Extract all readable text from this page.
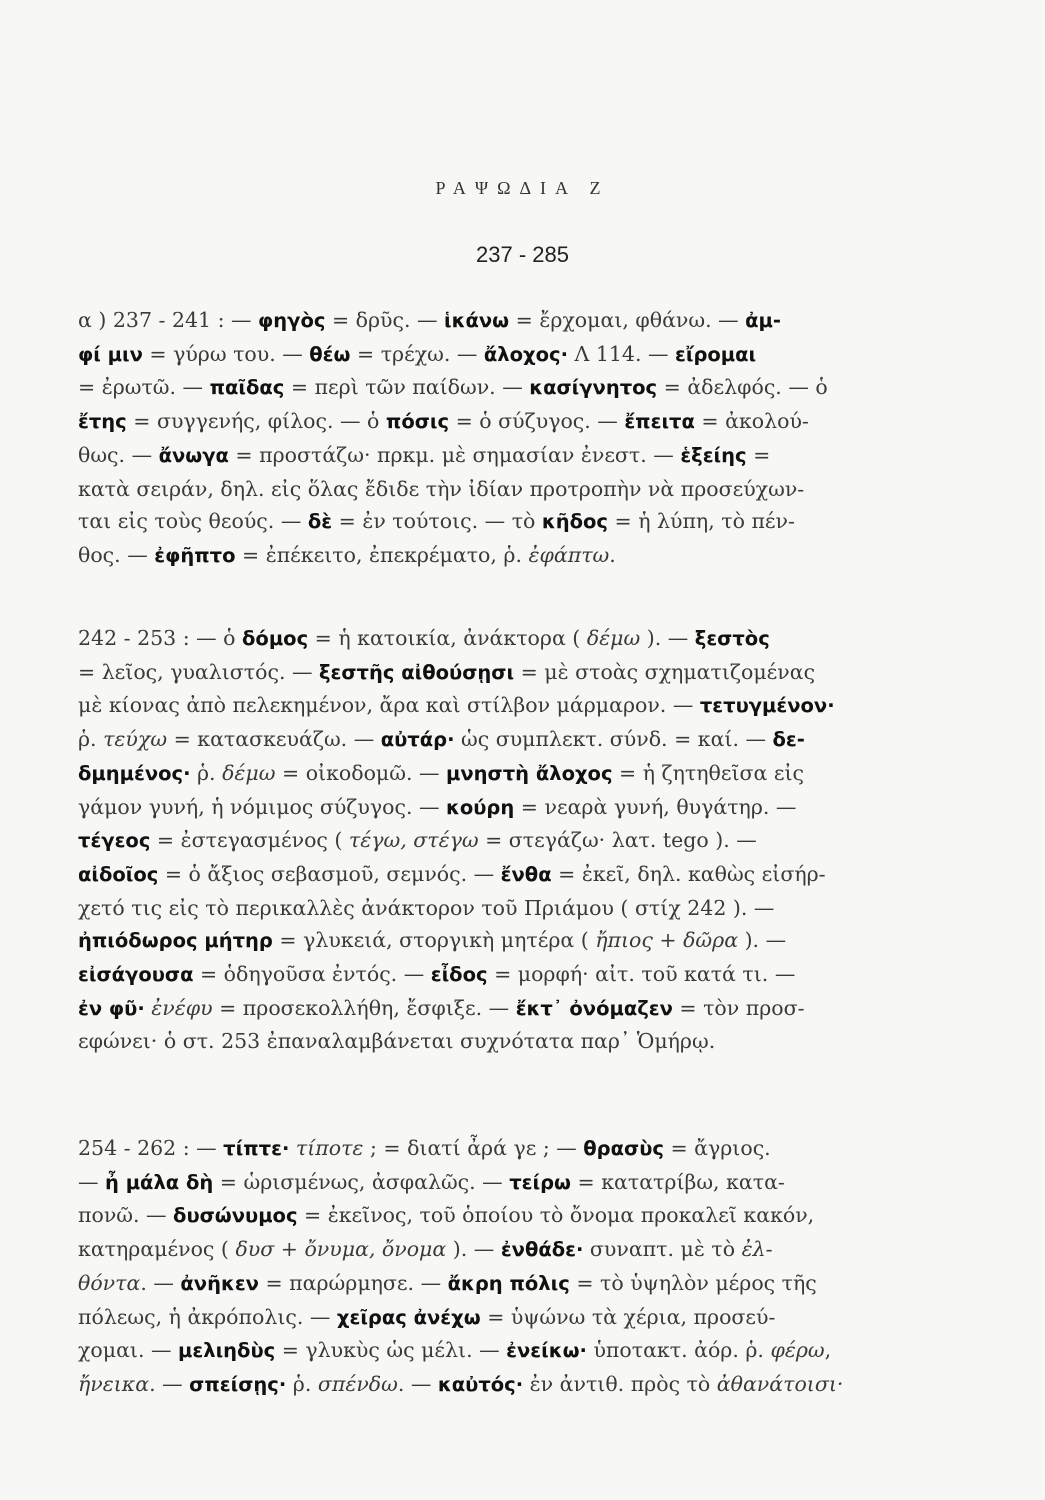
ΡΑΨΩΔΙΑ Ζ
237 - 285
α ) 237 - 241 : — φηγὸς = δρῦς. — ἱκάνω = ἔρχομαι, φθάνω. — ἀμ-
φί μιν = γύρω του. — θέω = τρέχω. — ἄλοχος· Λ 114. — εἴρομαι
= ἐρωτῶ. — παῖδας = περὶ τῶν παίδων. — κασίγνητος = ἀδελφός. — ὁ
ἔτης = συγγενής, φίλος. — ὁ πόσις = ὁ σύζυγος. — ἔπειτα = ἀκολού-
θως. — ἄνωγα = προστάζω· πρκμ. μὲ σημασίαν ἐνεστ. — ἑξείης =
κατὰ σειράν, δηλ. εἰς ὅλας ἔδιδε τὴν ἰδίαν προτροπὴν νὰ προσεύχων-
ται εἰς τοὺς θεούς. — δὲ = ἐν τούτοις. — τὸ κῆδος = ἡ λύπη, τὸ πέν-
θος. — ἐφῆπτο = ἐπέκειτο, ἐπεκρέματο, ῥ. ἐφάπτω.
242 - 253 : — ὁ δόμος = ἡ κατοικία, ἀνάκτορα ( δέμω ). — ξεστὸς
= λεῖος, γυαλιστός. — ξεστῆς αἰθούσῃσι = μὲ στοὰς σχηματιζομένας
μὲ κίονας ἀπὸ πελεκημένον, ἄρα καὶ στίλβον μάρμαρον. — τετυγμένον·
ῥ. τεύχω = κατασκευάζω. — αὐτάρ· ὡς συμπλεκτ. σύνδ. = καί. — δε-
δμημένος· ῥ. δέμω = οἰκοδομῶ. — μνηστὴ ἄλοχος = ἡ ζητηθεῖσα εἰς
γάμον γυνή, ἡ νόμιμος σύζυγος. — κούρη = νεαρὰ γυνή, θυγάτηρ. —
τέγεος = ἐστεγασμένος ( τέγω, στέγω = στεγάζω· λατ. tego ). —
αἰδοῖος = ὁ ἄξιος σεβασμοῦ, σεμνός. — ἔνθα = ἐκεῖ, δηλ. καθὼς εἰσήρ-
χετό τις εἰς τὸ περικαλλὲς ἀνάκτορον τοῦ Πριάμου ( στίχ 242 ). —
ἠπιόδωρος μήτηρ = γλυκειά, στοργικὴ μητέρα ( ἤπιος + δῶρα ). —
εἰσάγουσα = ὁδηγοῦσα ἐντός. — εἶδος = μορφή· αἰτ. τοῦ κατά τι. —
ἐν φῦ· ἐνέφυ = προσεκολλήθη, ἔσφιξε. — ἔκτ᾽ ὀνόμαζεν = τὸν προσ-
εφώνει· ὁ στ. 253 ἐπαναλαμβάνεται συχνότατα παρ᾽ Ὁμήρῳ.
254 - 262 : — τίπτε· τίποτε ; = διατί ἆρά γε ; — θρασὺς = ἄγριος.
— ἦ μάλα δὴ = ὡρισμένως, ἀσφαλῶς. — τείρω = κατατρίβω, κατα-
πονῶ. — δυσώνυμος = ἐκεῖνος, τοῦ ὁποίου τὸ ὄνομα προκαλεῖ κακόν,
κατηραμένος ( δυσ + ὄνυμα, ὄνομα ). — ἐνθάδε· συναπτ. μὲ τὸ ἐλ-
θόντα. — ἀνῆκεν = παρώρμησε. — ἄκρη πόλις = τὸ ὑψηλὸν μέρος τῆς
πόλεως, ἡ ἀκρόπολις. — χεῖρας ἀνέχω = ὑψώνω τὰ χέρια, προσεύ-
χομαι. — μελιηδὺς = γλυκὺς ὡς μέλι. — ἐνείκω· ὑποτακτ. ἀόρ. ῥ. φέρω,
ἤνεικα. — σπείσῃς· ῥ. σπένδω. — καὐτός· ἐν ἀντιθ. πρὸς τὸ ἀθανάτοισι·
